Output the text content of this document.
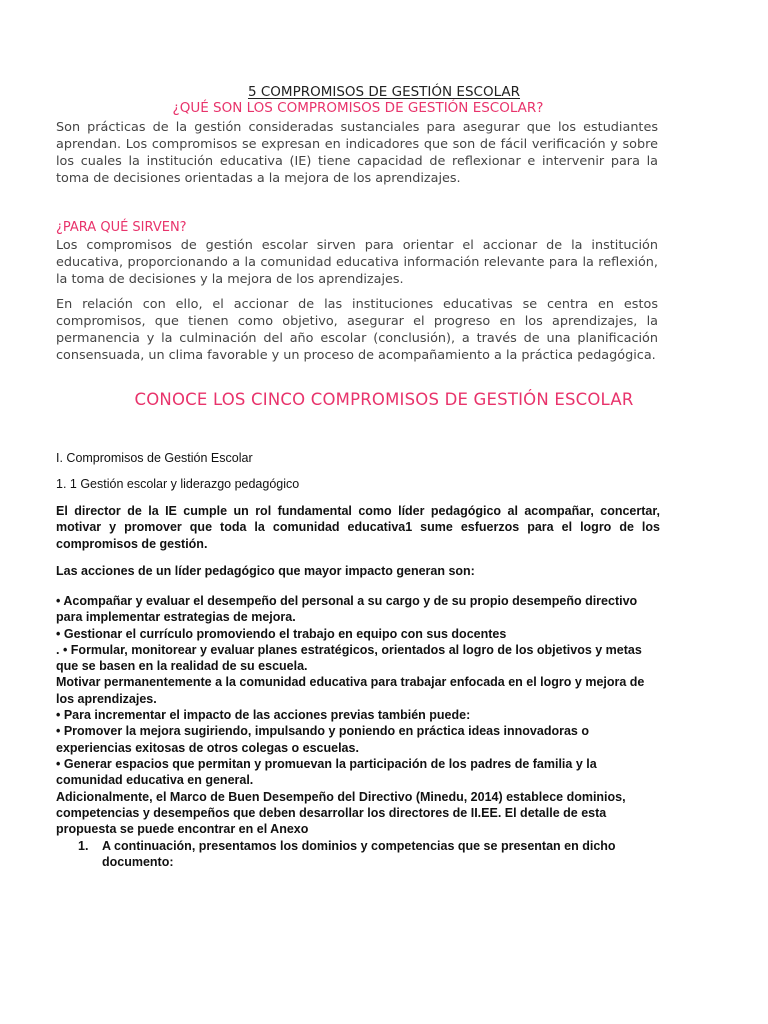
5 COMPROMISOS DE GESTIÓN ESCOLAR
¿QUÉ SON LOS COMPROMISOS DE GESTIÓN ESCOLAR?
Son prácticas de la gestión consideradas sustanciales para asegurar que los estudiantes aprendan. Los compromisos se expresan en indicadores que son de fácil verificación y sobre los cuales la institución educativa (IE) tiene capacidad de reflexionar e intervenir para la toma de decisiones orientadas a la mejora de los aprendizajes.
¿PARA QUÉ SIRVEN?
Los compromisos de gestión escolar sirven para orientar el accionar de la institución educativa, proporcionando a la comunidad educativa información relevante para la reflexión, la toma de decisiones y la mejora de los aprendizajes.
En relación con ello, el accionar de las instituciones educativas se centra en estos compromisos, que tienen como objetivo, asegurar el progreso en los aprendizajes, la permanencia y la culminación del año escolar (conclusión), a través de una planificación consensuada, un clima favorable y un proceso de acompañamiento a la práctica pedagógica.
CONOCE LOS CINCO COMPROMISOS DE GESTIÓN ESCOLAR
I. Compromisos de Gestión Escolar
1. 1 Gestión escolar y liderazgo pedagógico
El director de la IE cumple un rol fundamental como líder pedagógico al acompañar, concertar, motivar y promover que toda la comunidad educativa1 sume esfuerzos para el logro de los compromisos de gestión.
Las acciones de un líder pedagógico que mayor impacto generan son:
• Acompañar y evaluar el desempeño del personal a su cargo y de su propio desempeño directivo para implementar estrategias de mejora.
• Gestionar el currículo promoviendo el trabajo en equipo con sus docentes
. • Formular, monitorear y evaluar planes estratégicos, orientados al logro de los objetivos y metas que se basen en la realidad de su escuela.
Motivar permanentemente a la comunidad educativa para trabajar enfocada en el logro y mejora de los aprendizajes.
• Para incrementar el impacto de las acciones previas también puede:
• Promover la mejora sugiriendo, impulsando y poniendo en práctica ideas innovadoras o experiencias exitosas de otros colegas o escuelas.
• Generar espacios que permitan y promuevan la participación de los padres de familia y la comunidad educativa en general.
Adicionalmente, el Marco de Buen Desempeño del Directivo (Minedu, 2014) establece dominios, competencias y desempeños que deben desarrollar los directores de II.EE. El detalle de esta propuesta se puede encontrar en el Anexo
1. A continuación, presentamos los dominios y competencias que se presentan en dicho documento:
